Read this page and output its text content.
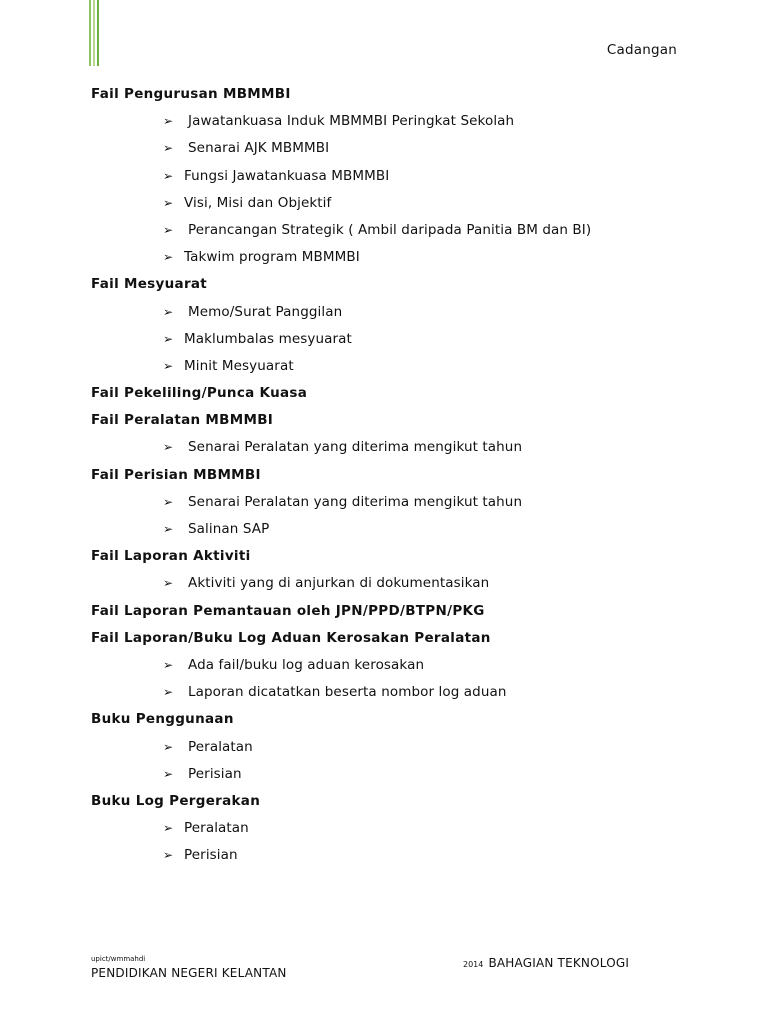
Cadangan
Fail Pengurusan MBMMBI
➢ Jawatankuasa Induk MBMMBI Peringkat Sekolah
➢ Senarai AJK MBMMBI
➢ Fungsi Jawatankuasa MBMMBI
➢ Visi, Misi dan Objektif
➢ Perancangan Strategik ( Ambil daripada Panitia BM dan BI)
➢ Takwim program MBMMBI
Fail Mesyuarat
➢ Memo/Surat Panggilan
➢ Maklumbalas mesyuarat
➢ Minit Mesyuarat
Fail Pekeliling/Punca Kuasa
Fail Peralatan MBMMBI
➢ Senarai Peralatan yang diterima mengikut tahun
Fail Perisian MBMMBI
➢ Senarai Peralatan yang diterima mengikut tahun
➢ Salinan SAP
Fail Laporan Aktiviti
➢ Aktiviti yang di anjurkan di dokumentasikan
Fail Laporan Pemantauan oleh JPN/PPD/BTPN/PKG
Fail Laporan/Buku Log Aduan Kerosakan Peralatan
➢ Ada fail/buku log aduan kerosakan
➢ Laporan dicatatkan beserta nombor log aduan
Buku Penggunaan
➢ Peralatan
➢ Perisian
Buku Log Pergerakan
➢ Peralatan
➢ Perisian
upict/wmmahdi
PENDIDIKAN NEGERI KELANTAN
2014 BAHAGIAN TEKNOLOGI
